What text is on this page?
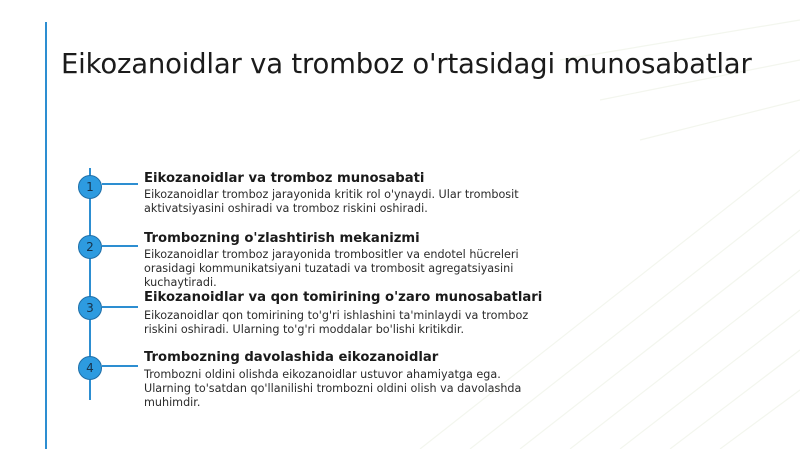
Eikozanoidlar va tromboz o'rtasidagi munosabatlar
1

Eikozanoidlar va tromboz munosabati

Eikozanoidlar tromboz jarayonida kritik rol o'ynaydi. Ular trombosit aktivatsiyasini oshiradi va tromboz riskini oshiradi.

2

Trombozning o'zlashtirish mekanizmi

Eikozanoidlar tromboz jarayonida trombositler va endotel hücreleri orasidagi kommunikatsiyani tuzatadi va trombosit agregatsiyasini kuchaytiradi.

3

Eikozanoidlar va qon tomirining o'zaro munosabatlari

Eikozanoidlar qon tomirining to'g'ri ishlashini ta'minlaydi va tromboz riskini oshiradi. Ularning to'g'ri moddalar bo'lishi kritikdir.

4

Trombozning davolashida eikozanoidlar

Trombozni oldini olishda eikozanoidlar ustuvor ahamiyatga ega. Ularning to'satdan qo'llanilishi trombozni oldini olish va davolashda muhimdir.
